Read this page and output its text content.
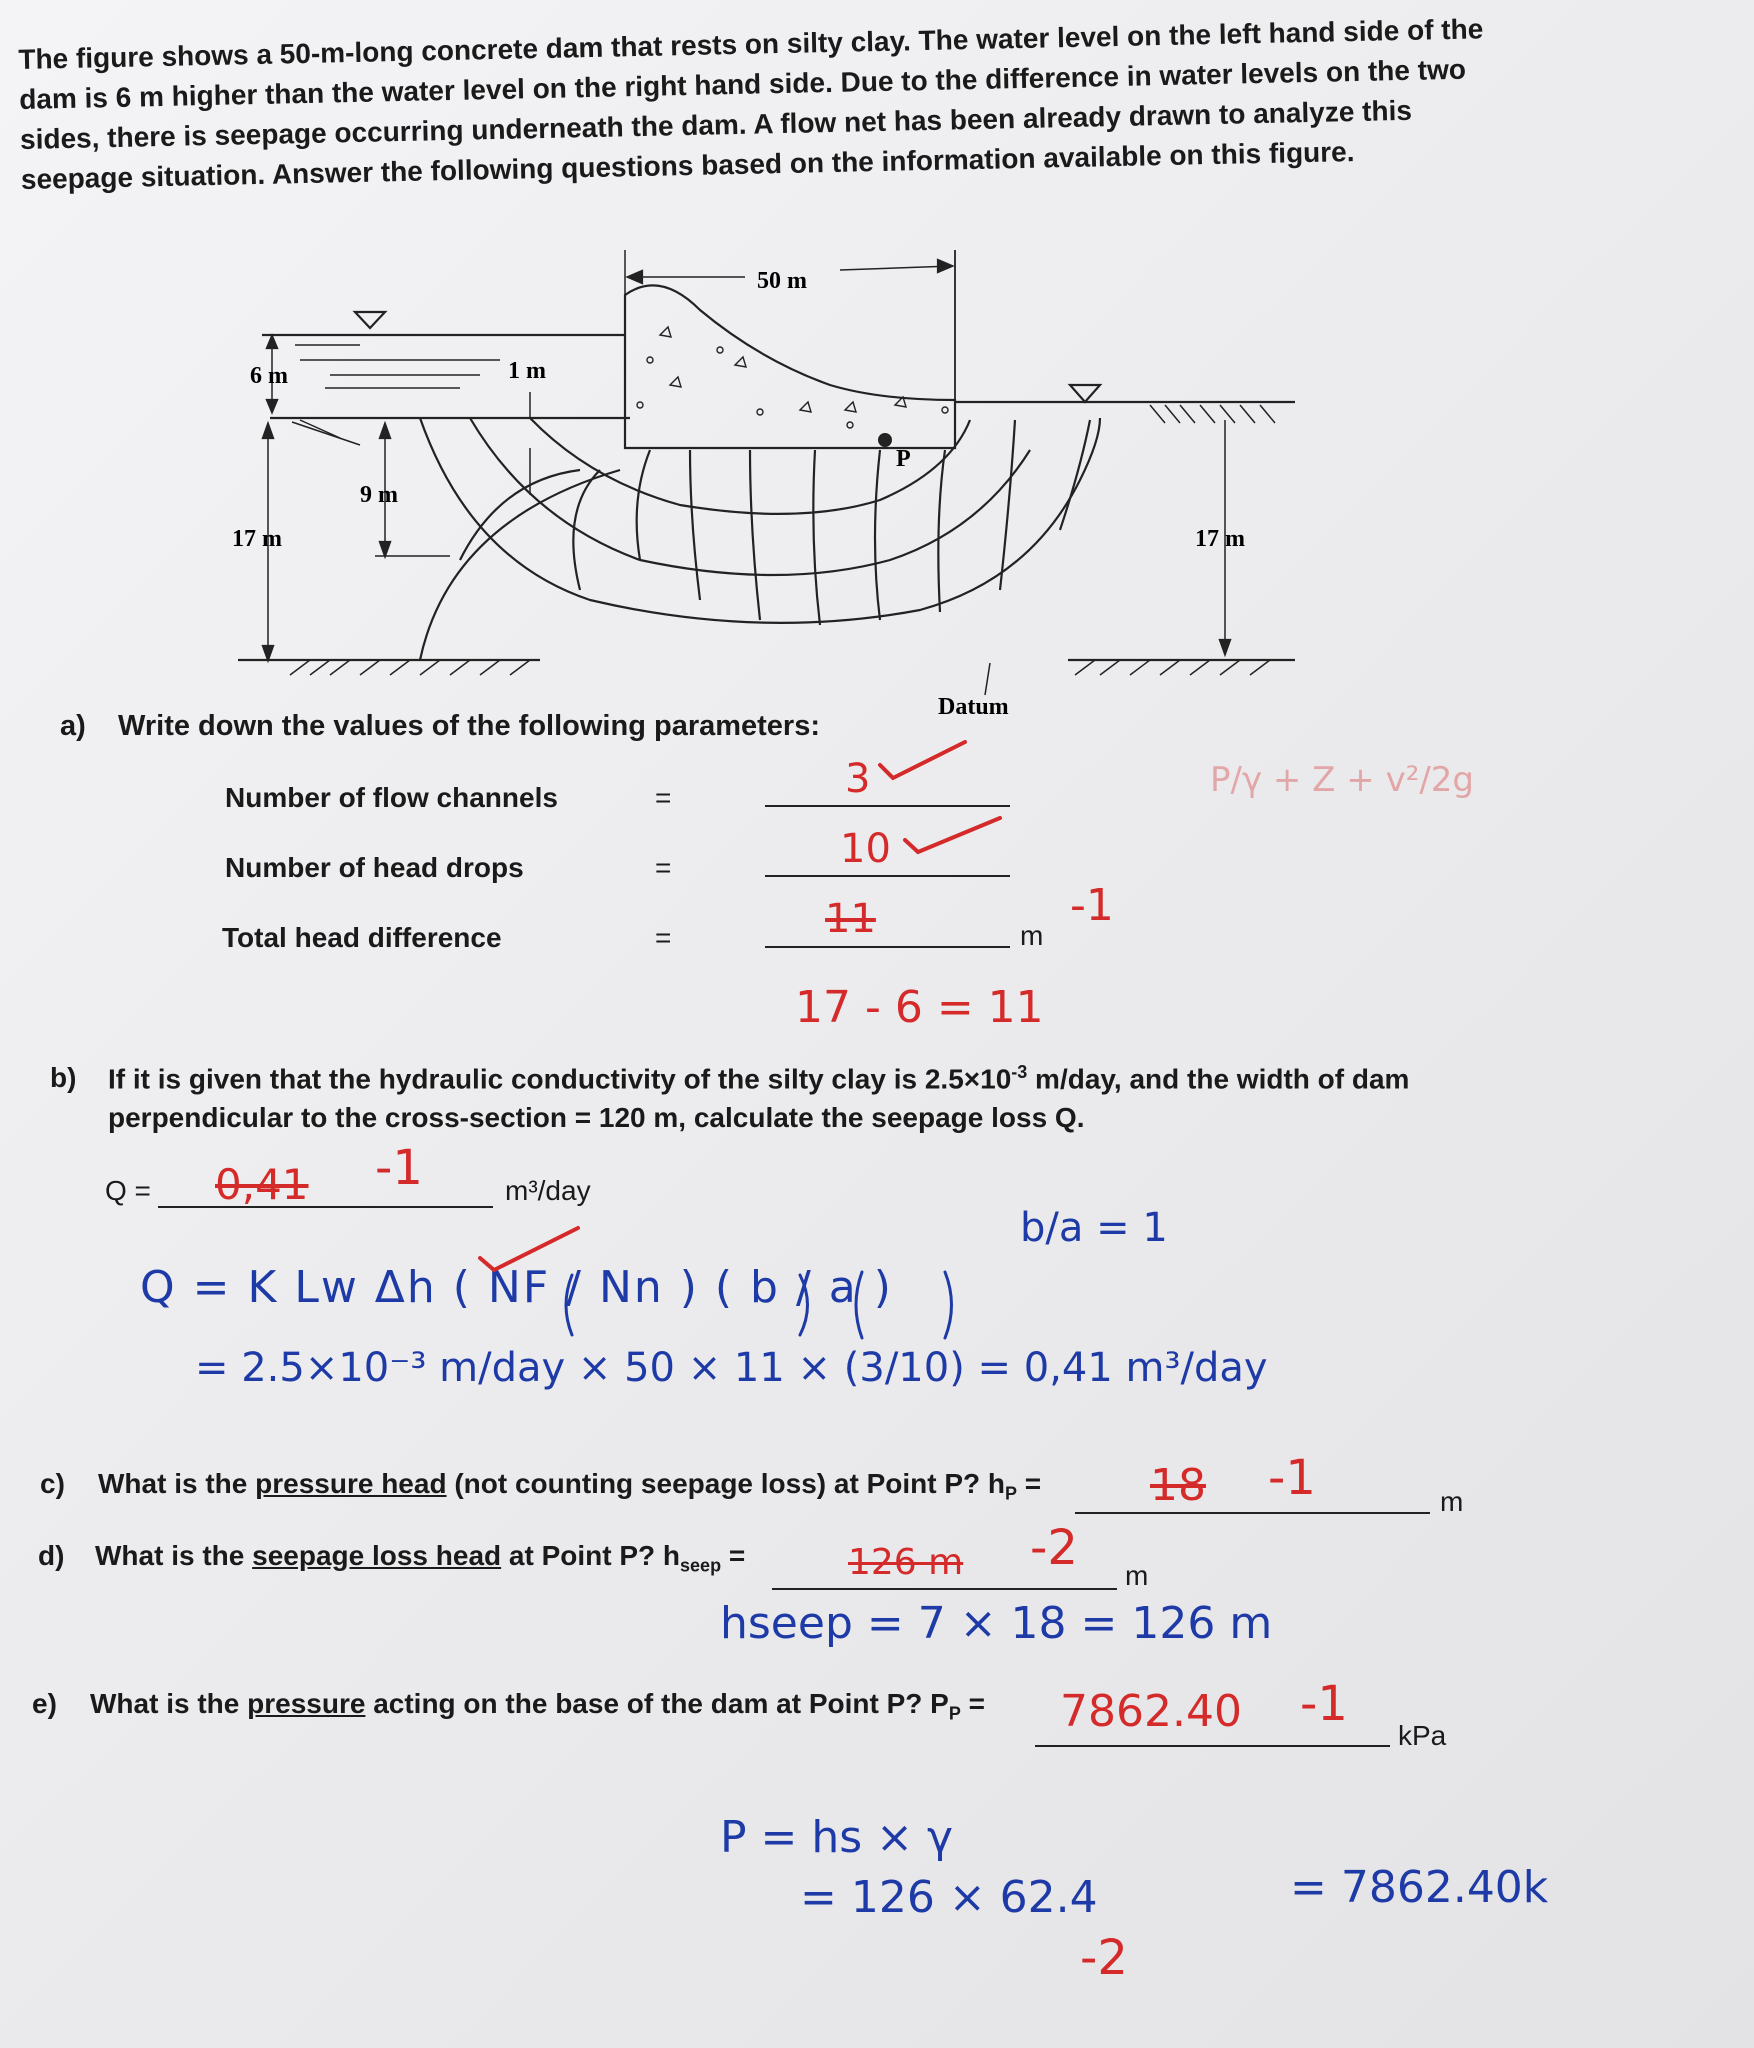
The figure shows a 50-m-long concrete dam that rests on silty clay. The water level on the left hand side of the dam is 6 m higher than the water level on the right hand side. Due to the difference in water levels on the two sides, there is seepage occurring underneath the dam. A flow net has been already drawn to analyze this seepage situation. Answer the following questions based on the information available on this figure.
50 m
6 m	1 m
9 m
17 m	17 m
P
Datum
a) Write down the values of the following parameters:
Number of flow channels	=	3
Number of head drops	=	10
Total head difference	=	11	m
-1
17 - 6 = 11
b) If it is given that the hydraulic conductivity of the silty clay is $2.5\times 10^{-3}$ m/day, and the width of dam
perpendicular to the cross-section = 120 m, calculate the seepage loss Q.
Q = 0,41 -1	m³/day
Q = K Lw Δh ( NF / Nn ) ( b / a )
b/a = 1
= 2.5×10⁻³ m/day × 50 × 11 × (3/10) = 0,41 m³/day
c) What is the pressure head (not counting seepage loss) at Point P? $h_P = 18$ -1	m
d) What is the seepage loss head at Point P? $h_{seep}$ =	126 m -2 m
hseep = 7 × 18 = 126 m
e) What is the pressure acting on the base of the dam at Point P? $P_P = 7862.40$ -1
kPa
P = hs × γ
= 126 × 62.4	= 7862.40k
-2
P/γ + Z + v²/2g
